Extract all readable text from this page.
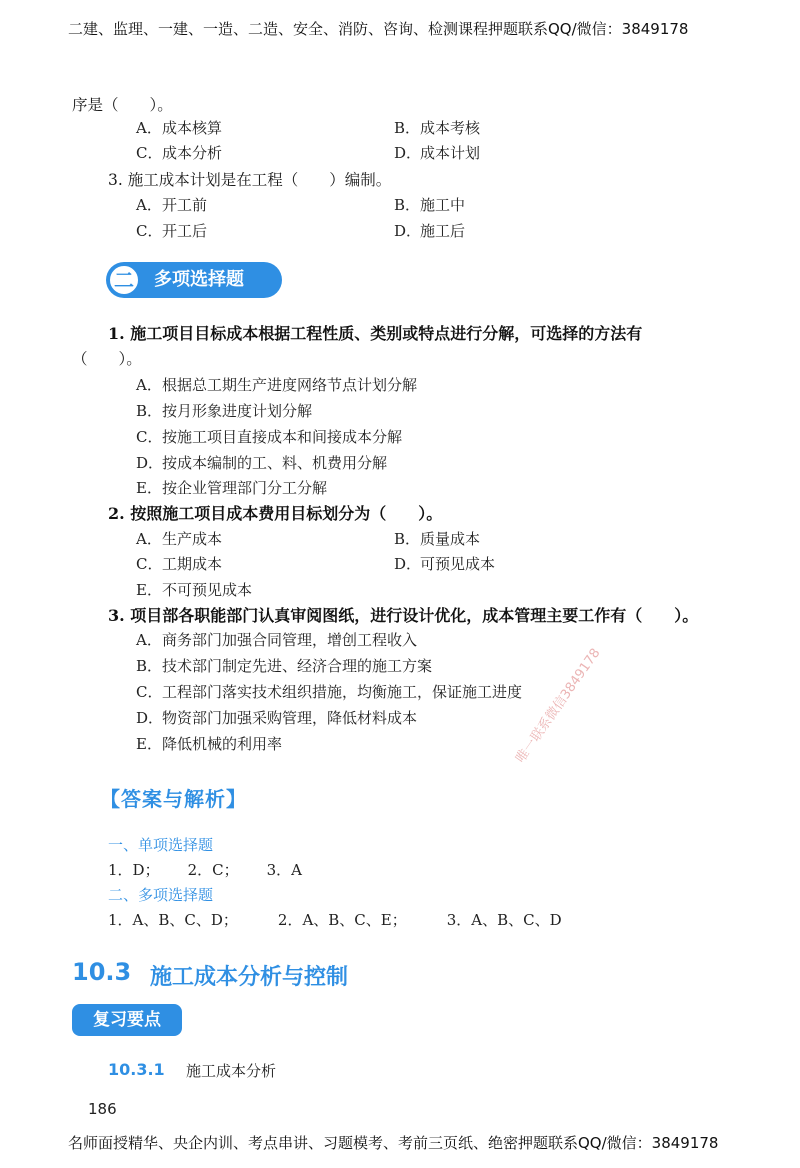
二建、监理、一建、一造、二造、安全、消防、咨询、检测课程押题联系QQ/微信：3849178
序是（　　）。
A．成本核算	B．成本考核
C．成本分析	D．成本计划
3. 施工成本计划是在工程（　　）编制。
A．开工前	B．施工中
C．开工后	D．施工后
二	多项选择题
1. 施工项目目标成本根据工程性质、类别或特点进行分解，可选择的方法有
（　　）。
A．根据总工期生产进度网络节点计划分解
B．按月形象进度计划分解
C．按施工项目直接成本和间接成本分解
D．按成本编制的工、料、机费用分解
E．按企业管理部门分工分解
2. 按照施工项目成本费用目标划分为（　　）。
A．生产成本	B．质量成本
C．工期成本	D．可预见成本
E．不可预见成本
3. 项目部各职能部门认真审阅图纸，进行设计优化，成本管理主要工作有（　　）。
A．商务部门加强合同管理，增创工程收入
B．技术部门制定先进、经济合理的施工方案
C．工程部门落实技术组织措施，均衡施工，保证施工进度
D．物资部门加强采购管理，降低材料成本
E．降低机械的利用率
【答案与解析】
一、单项选择题
1．D； 2．C； 3．A
二、多项选择题
1．A、B、C、D；	2．A、B、C、E；	3．A、B、C、D
10.3 施工成本分析与控制
复习要点
10.3.1 施工成本分析
186
名师面授精华、央企内训、考点串讲、习题模考、考前三页纸、绝密押题联系QQ/微信：3849178
唯一联系微信3849178
